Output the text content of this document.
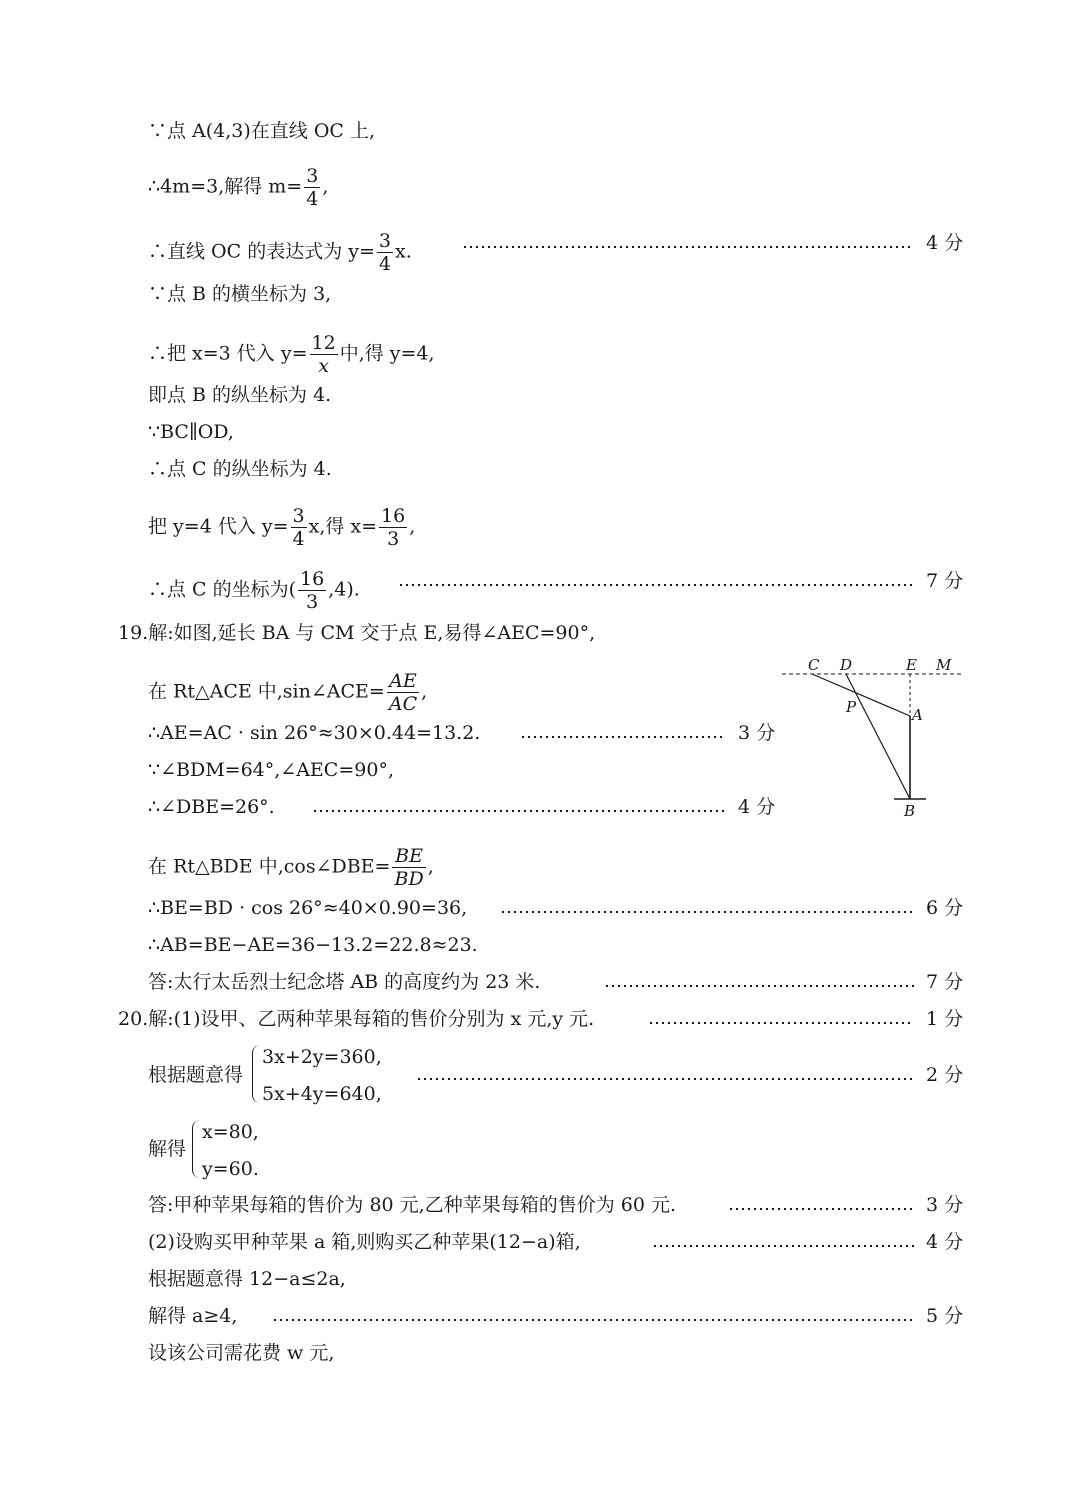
∵点 A(4,3)在直线 OC 上,
∴4m=3,解得 $m= \frac{3}{4}$ ,
∴直线 OC 的表达式为 $y= \frac{3}{4} x$.	4 分
∵点 B 的横坐标为 3,
∴把 x=3 代入 $y= \frac{12}{x}$ 中,得 y=4,
即点 B 的纵坐标为 4.
∵BC∥OD,
∴点 C 的纵坐标为 4.
把 y=4 代入 $y= \frac{3}{4} x$,得 $x= \frac{16}{3}$ ,
∴点 C 的坐标为( $\frac{16}{3} ,4$).	7 分
19.解:如图,延长 BA 与 CM 交于点 E,易得∠AEC=90°,
在 Rt△ACE 中,sin∠ACE= $\frac{AE}{AC}$ ,
∴AE=AC · sin 26°≈30×0.44=13.2.	3 分
∵∠BDM=64°,∠AEC=90°,
∴∠DBE=26°.	4 分
C D	E M
P	A
B
在 Rt△BDE 中,cos∠DBE= $\frac{BE}{BD}$ ,
∴BE=BD · cos 26°≈40×0.90=36,	6 分
∴AB=BE−AE=36−13.2=22.8≈23.
答:太行太岳烈士纪念塔 AB 的高度约为 23 米.	7 分
20.解:(1)设甲、乙两种苹果每箱的售价分别为 x 元,y 元.	1 分
根据题意得
3x+2y=360,
5x+4y=640,
2 分
解得
x=80,
y=60.
答:甲种苹果每箱的售价为 80 元,乙种苹果每箱的售价为 60 元.	3 分
(2)设购买甲种苹果 a 箱,则购买乙种苹果(12−a)箱,	4 分
根据题意得 12−a≤2a,
解得 a≥4,	5 分
设该公司需花费 w 元,
